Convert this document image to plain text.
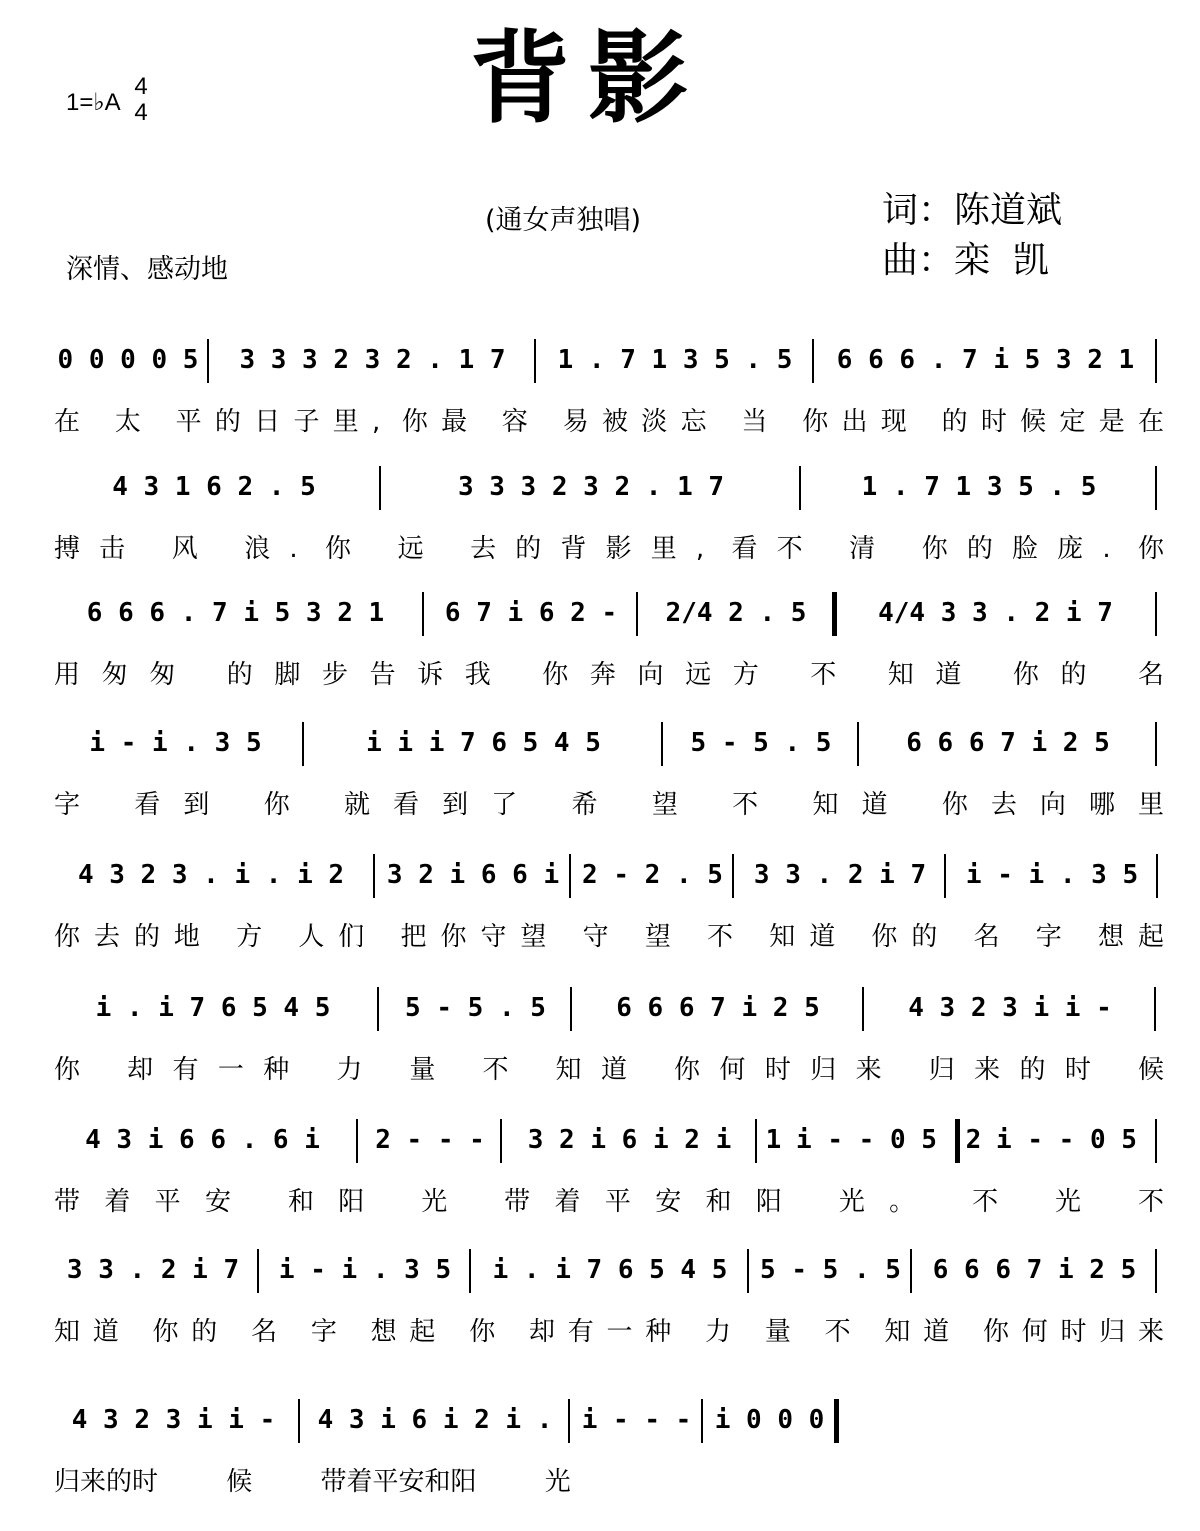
1=♭A
4
4	背影
(通女声独唱)
深情、感动地
词：陈道斌
曲：栾  凯
0 0 0 0 5	3 3 3 2 3 2 . 1 7	1 . 7 1 3 5 . 5	6 6 6 . 7 i 5 3 2 1
在 太 平的日子里, 你最 容 易被淡忘 当 你出现 的时候定是在
4 3 1 6 2 . 5	3 3 3 2 3 2 . 1 7	1 . 7 1 3 5 . 5
搏击 风 浪. 你 远 去的背影里, 看不 清 你的脸庞. 你
6 6 6 . 7 i 5 3 2 1	6 7 i 6 2 -	2/4 2 . 5	4/4 3 3 . 2 i 7
用匆匆 的脚步告诉我 你奔向远方 不 知道 你的 名
i - i . 3 5	i i i 7 6 5 4 5	5 - 5 . 5	6 6 6 7 i 2 5
字 看到 你 就看到了 希 望 不 知道 你去向哪里
4 3 2 3 . i . i 2	3 2 i 6 6 i 2 - 2 . 5	3 3 . 2 i 7	i - i . 3 5
你去的地 方 人们 把你守望 守 望 不 知道 你的 名 字 想起
i . i 7 6 5 4 5	5 - 5 . 5	6 6 6 7 i 2 5	4 3 2 3 i i -
你 却有一种 力 量 不 知道 你何时归来 归来的时 候
4 3 i 6 6 . 6 i	2 - - -	3 2 i 6 i 2 i	1 i - - 0 5	2 i - - 0 5
带着平安 和阳 光 带着平安和阳 光。 不 光 不
3 3 . 2 i 7	i - i . 3 5	i . i 7 6 5 4 5	5 - 5 . 5	6 6 6 7 i 2 5
知道 你的 名 字 想起 你 却有一种 力 量 不 知道 你何时归来
4 3 2 3 i i -	4 3 i 6 i 2 i .	i - - - i 0 0 0
归来的时 候 带着平安和阳 光
